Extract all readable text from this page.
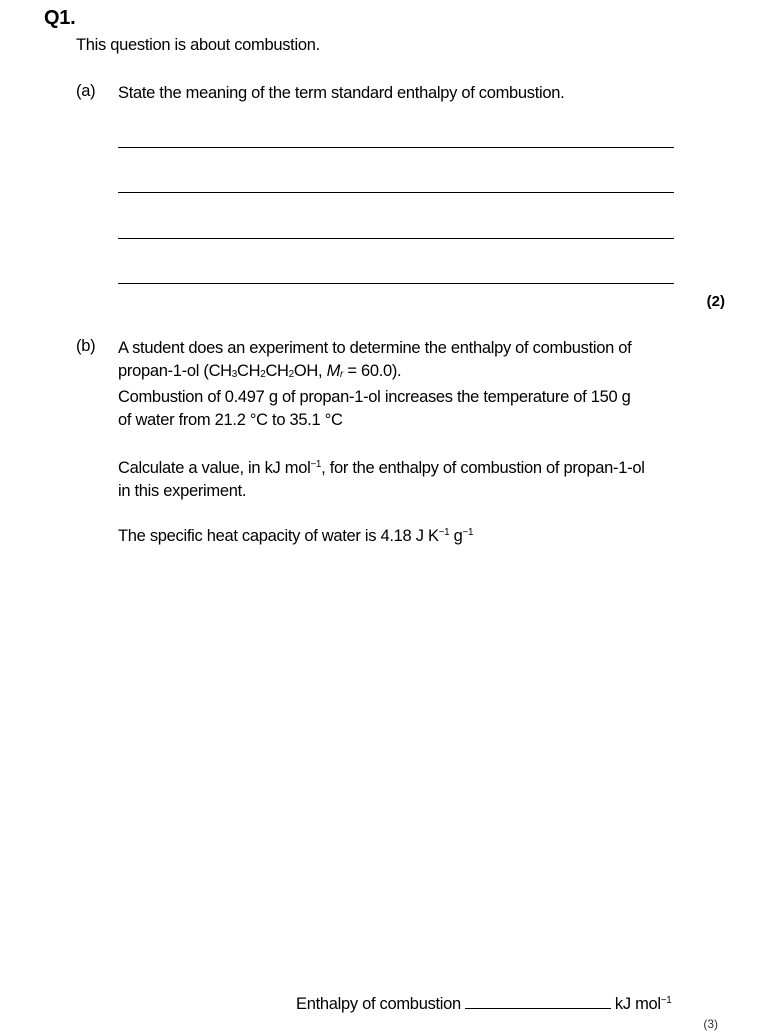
Q1.
This question is about combustion.
(a) State the meaning of the term standard enthalpy of combustion.
(2)
(b) A student does an experiment to determine the enthalpy of combustion of
propan-1-ol ($CH_3CH_2CH_2OH$, $M_r = 60.0$).
Combustion of 0.497 g of propan-1-ol increases the temperature of 150 g
of water from 21.2 °C to 35.1 °C
Calculate a value, in kJ mol$^{-1}$, for the enthalpy of combustion of propan-1-ol
in this experiment.
The specific heat capacity of water is 4.18 J $K^{-1}$ $g^{-1}$
Enthalpy of combustion	kJ mol$^{-1}$
(3)
